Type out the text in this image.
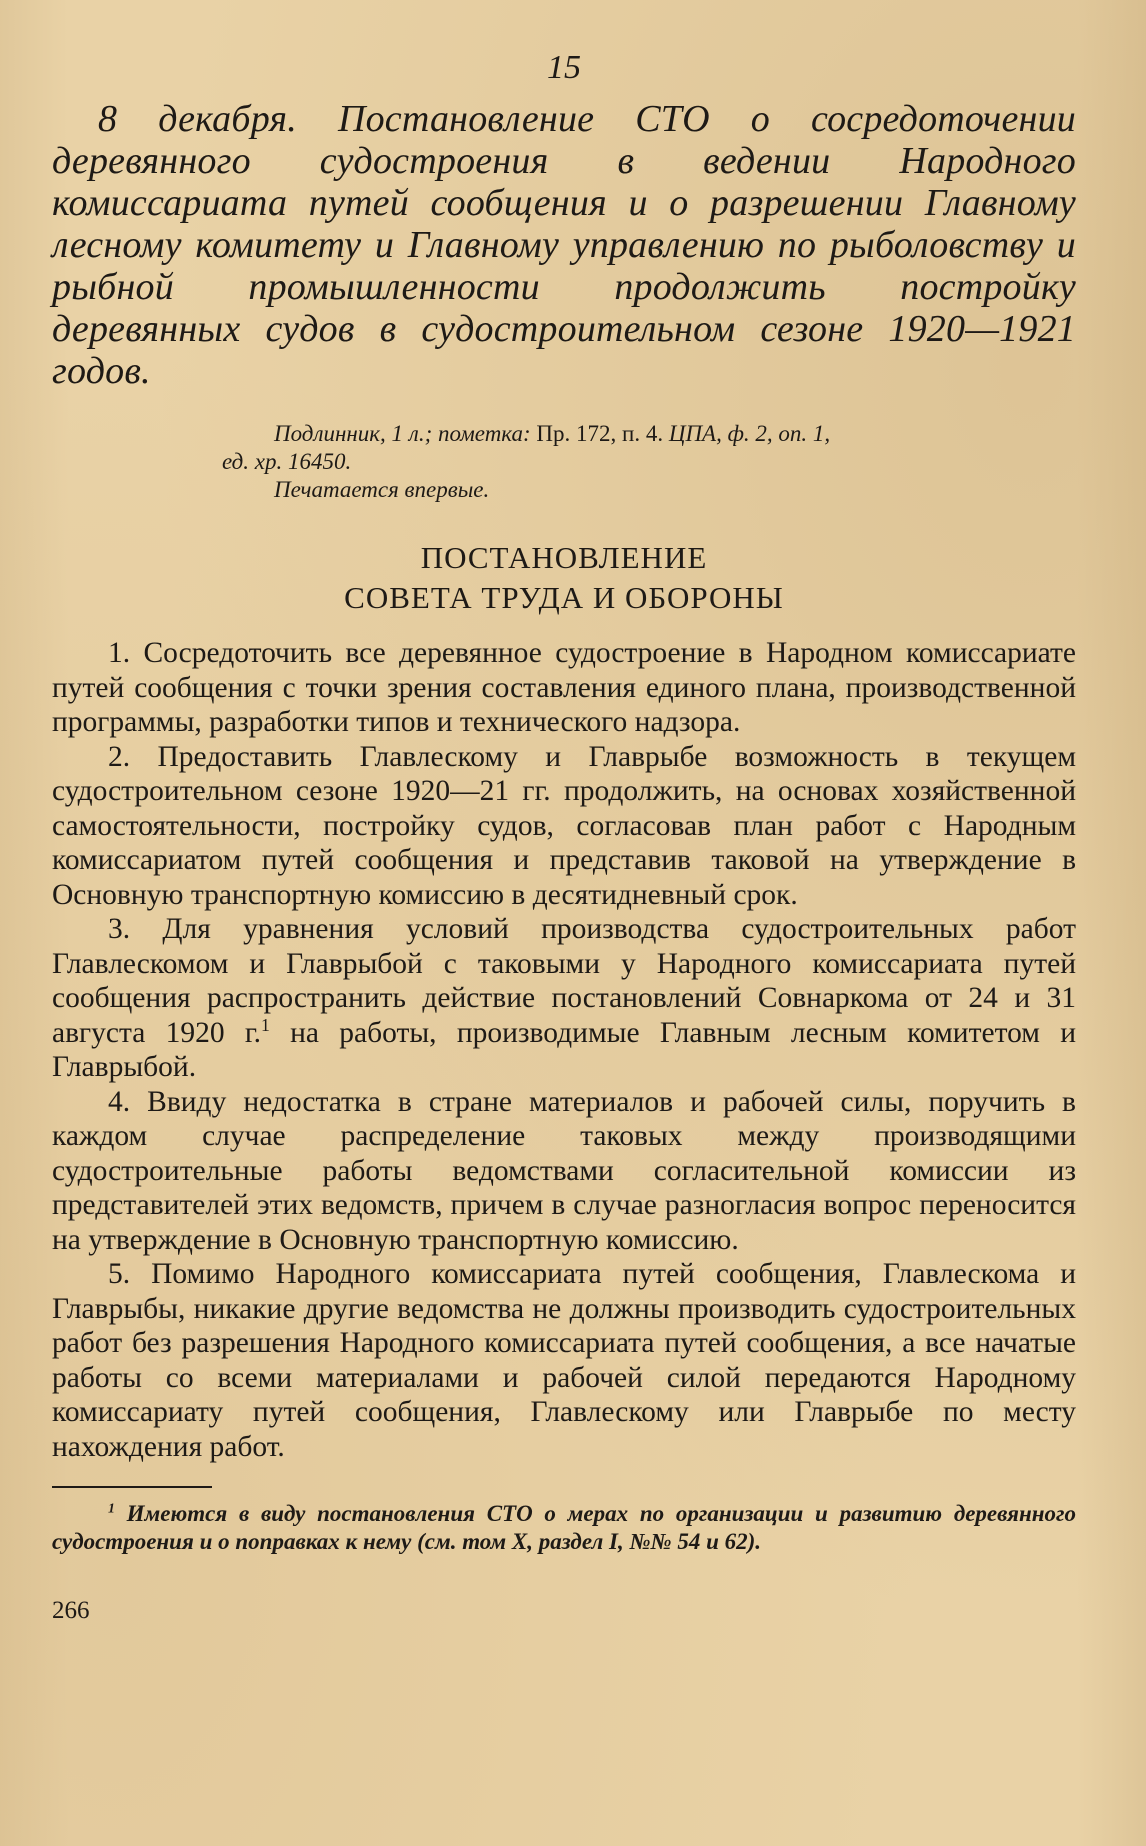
15

8 декабря. Постановление СТО о сосредоточении деревянного судостроения в ведении Народного комиссариата путей сообщения и о разрешении Главному лесному комитету и Главному управлению по рыболовству и рыбной промышленности продолжить постройку деревянных судов в судостроительном сезоне 1920—1921 годов.

Подлинник, 1 л.; пометка: Пр. 172, п. 4. ЦПА, ф. 2, оп. 1,
ед. хр. 16450.
Печатается впервые.
ПОСТАНОВЛЕНИЕ
СОВЕТА ТРУДА И ОБОРОНЫ

1. Сосредоточить все деревянное судостроение в Народном комиссариате путей сообщения с точки зрения составления единого плана, производственной программы, разработки типов и технического надзора.

2. Предоставить Главлескому и Главрыбе возможность в текущем судостроительном сезоне 1920—21 гг. продолжить, на основах хозяйственной самостоятельности, постройку судов, согласовав план работ с Народным комиссариатом путей сообщения и представив таковой на утверждение в Основную транспортную комиссию в десятидневный срок.

3. Для уравнения условий производства судостроительных работ Главлескомом и Главрыбой с таковыми у Народного комиссариата путей сообщения распространить действие постановлений Совнаркома от 24 и 31 августа 1920 г.$^1$ на работы, производимые Главным лесным комитетом и Главрыбой.

4. Ввиду недостатка в стране материалов и рабочей силы, поручить в каждом случае распределение таковых между производящими судостроительные работы ведомствами согласительной комиссии из представителей этих ведомств, причем в случае разногласия вопрос переносится на утверждение в Основную транспортную комиссию.

5. Помимо Народного комиссариата путей сообщения, Главлескома и Главрыбы, никакие другие ведомства не должны производить судостроительных работ без разрешения Народного комиссариата путей сообщения, а все начатые работы со всеми материалами и рабочей силой передаются Народному комиссариату путей сообщения, Главлескому или Главрыбе по месту нахождения работ.

$^1$ Имеются в виду постановления СТО о мерах по организации и развитию деревянного судостроения и о поправках к нему (см. том X, раздел I, №№ 54 и 62).

266
